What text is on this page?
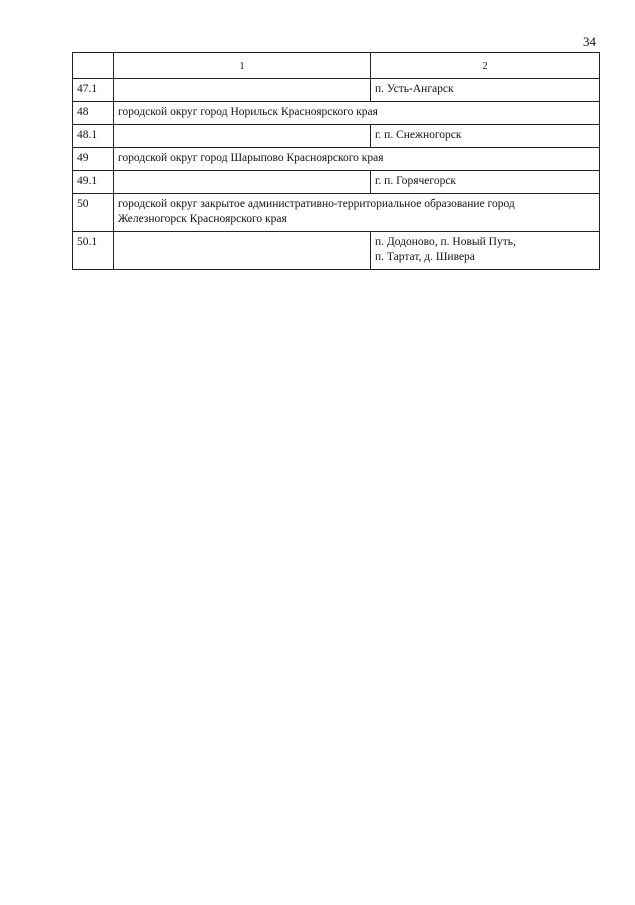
34
	1	2
47.1		п. Усть-Ангарск
48	городской округ город Норильск Красноярского края	
48.1		г. п. Снежногорск
49	городской округ город Шарыпово Красноярского края	
49.1		г. п. Горячегорск
50	городской округ закрытое административно-территориальное образование город
Железногорск Красноярского края	

50.1		п. Додоново, п. Новый Путь,
п. Тартат, д. Шивера
